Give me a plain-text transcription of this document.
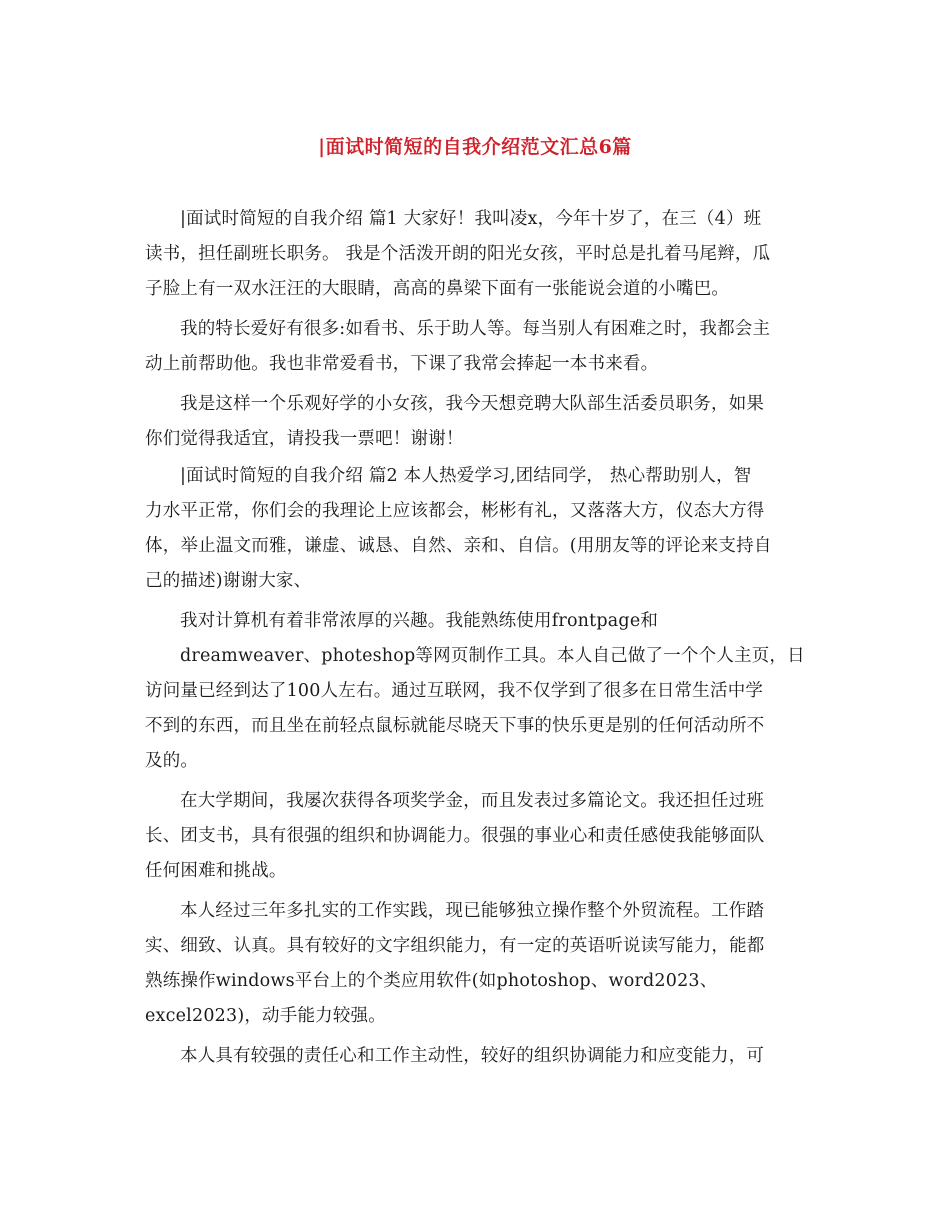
|面试时简短的自我介绍范文汇总6篇
|面试时简短的自我介绍 篇1 大家好！我叫凌x，今年十岁了，在三（4）班
读书，担任副班长职务。 我是个活泼开朗的阳光女孩，平时总是扎着马尾辫，瓜
子脸上有一双水汪汪的大眼睛，高高的鼻梁下面有一张能说会道的小嘴巴。
我的特长爱好有很多:如看书、乐于助人等。每当别人有困难之时，我都会主
动上前帮助他。我也非常爱看书，下课了我常会捧起一本书来看。
我是这样一个乐观好学的小女孩，我今天想竞聘大队部生活委员职务，如果
你们觉得我适宜，请投我一票吧！谢谢！
|面试时简短的自我介绍 篇2 本人热爱学习,团结同学， 热心帮助别人，智
力水平正常，你们会的我理论上应该都会，彬彬有礼，又落落大方，仪态大方得
体，举止温文而雅，谦虚、诚恳、自然、亲和、自信。(用朋友等的评论来支持自
己的描述)谢谢大家、
我对计算机有着非常浓厚的兴趣。我能熟练使用frontpage和
dreamweaver、photeshop等网页制作工具。本人自己做了一个个人主页，日
访问量已经到达了100人左右。通过互联网，我不仅学到了很多在日常生活中学
不到的东西，而且坐在前轻点鼠标就能尽晓天下事的快乐更是别的任何活动所不
及的。
在大学期间，我屡次获得各项奖学金，而且发表过多篇论文。我还担任过班
长、团支书，具有很强的组织和协调能力。很强的事业心和责任感使我能够面队
任何困难和挑战。
本人经过三年多扎实的工作实践，现已能够独立操作整个外贸流程。工作踏
实、细致、认真。具有较好的文字组织能力，有一定的英语听说读写能力，能都
熟练操作windows平台上的个类应用软件(如photoshop、word2023、
excel2023)，动手能力较强。
本人具有较强的责任心和工作主动性，较好的组织协调能力和应变能力，可
